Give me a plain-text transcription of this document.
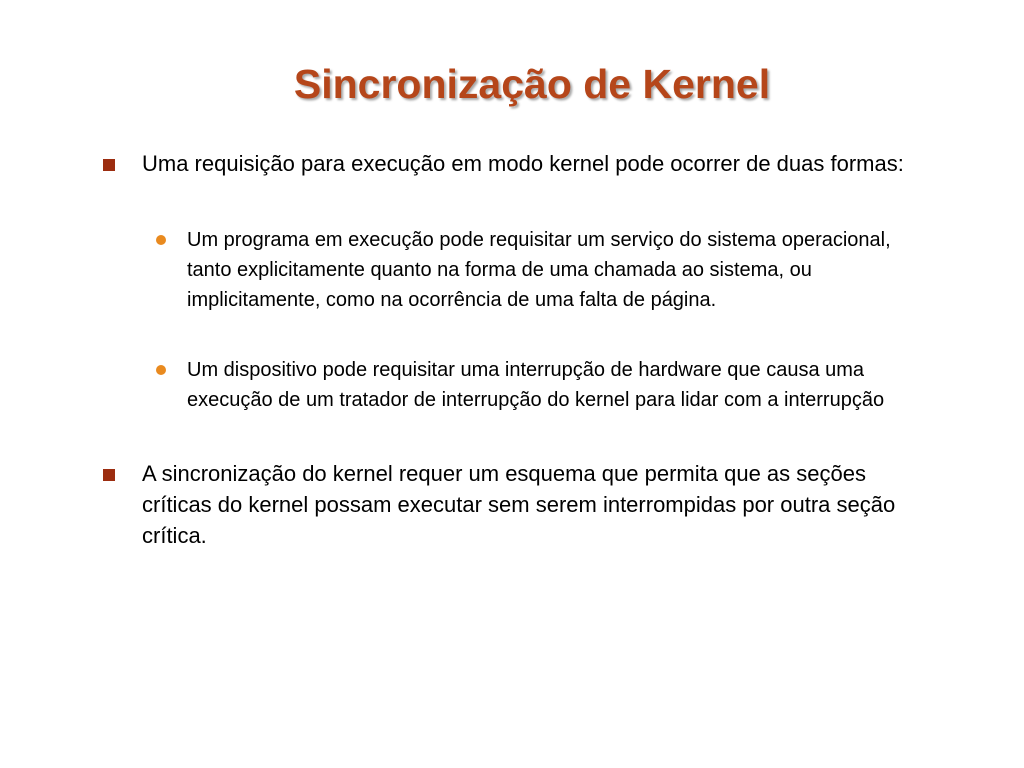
Sincronização de Kernel
Uma requisição para execução em modo kernel pode ocorrer de duas formas:
Um programa em execução pode requisitar um serviço do sistema operacional, tanto explicitamente quanto na forma de uma chamada ao sistema, ou implicitamente, como na ocorrência de uma falta de página.
Um dispositivo pode requisitar uma interrupção de hardware que causa uma execução de um tratador de interrupção do kernel para lidar com a interrupção
A sincronização do kernel requer um esquema que permita que as seções críticas do kernel possam executar sem serem interrompidas por outra seção crítica.
